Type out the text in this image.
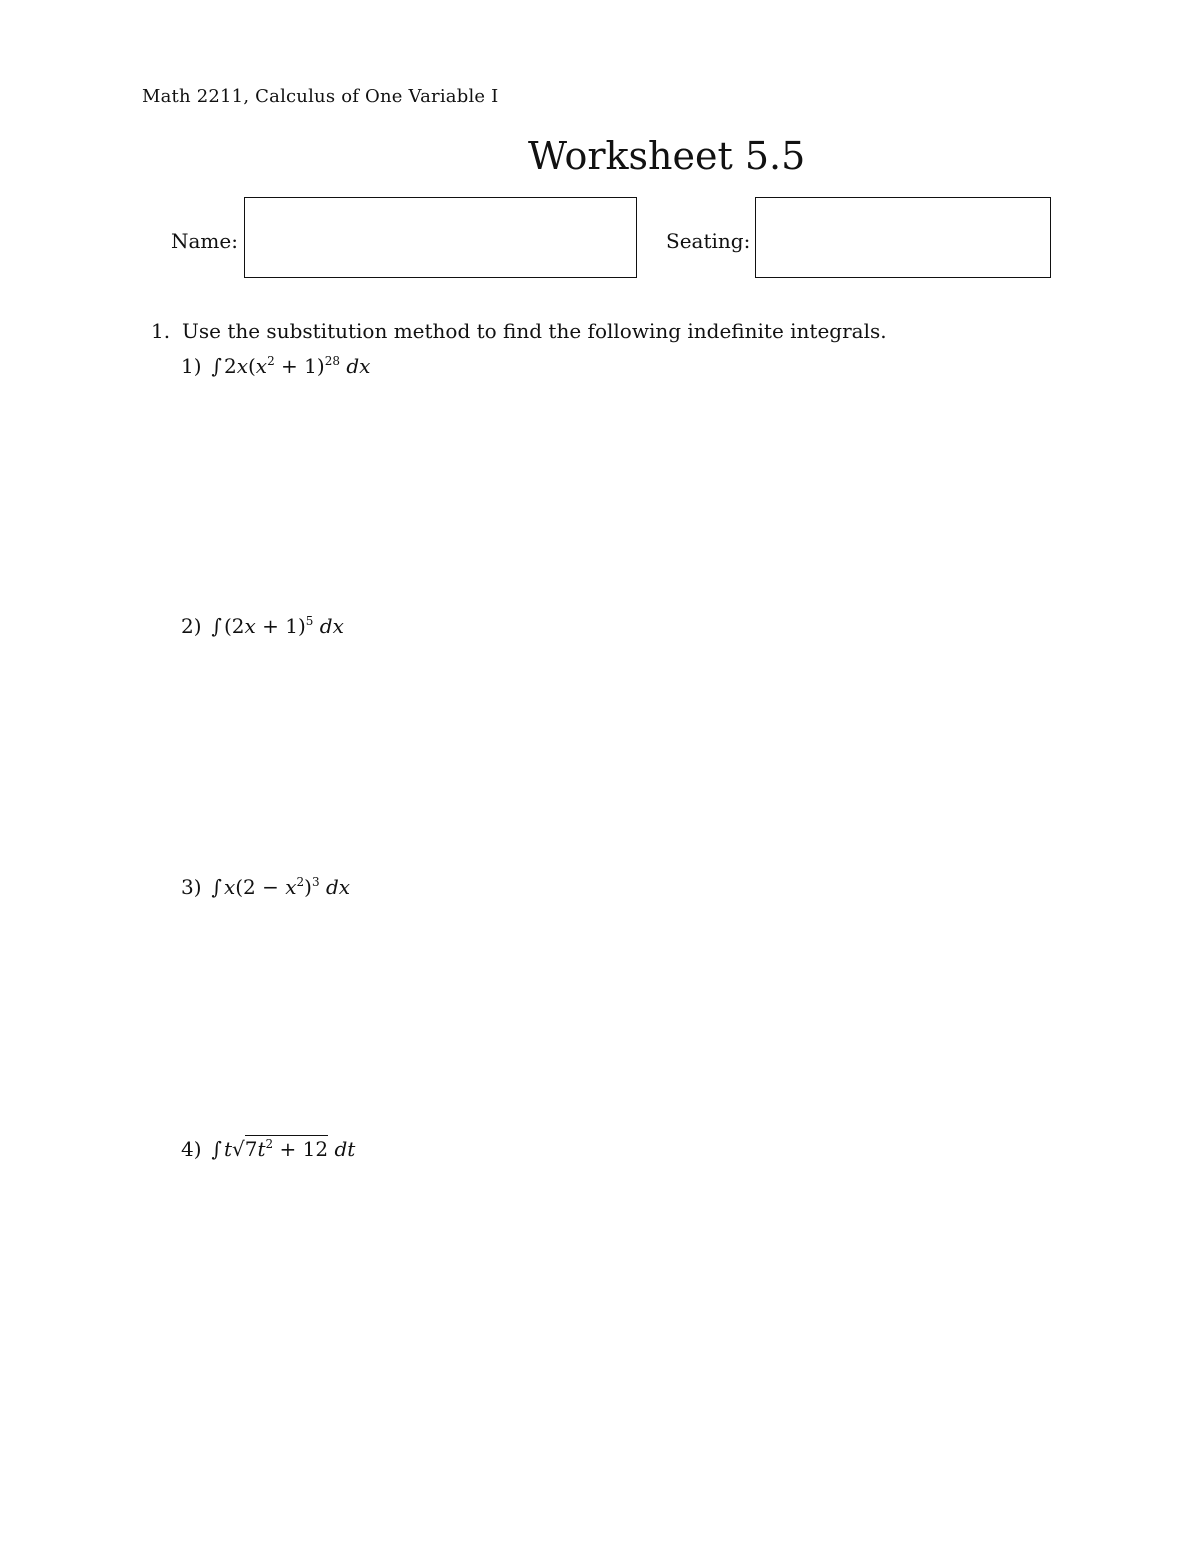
Math 2211, Calculus of One Variable I
Worksheet 5.5
Name:	Seating:
1. Use the substitution method to find the following indefinite integrals.
1) ∫ $2x(x^2 + 1)^{28}$ dx
2) ∫ $(2x + 1)^5$ dx
3) ∫ $x(2 - x^2)^3$ dx
4) ∫ $t√7t^2 + 12$ dt
